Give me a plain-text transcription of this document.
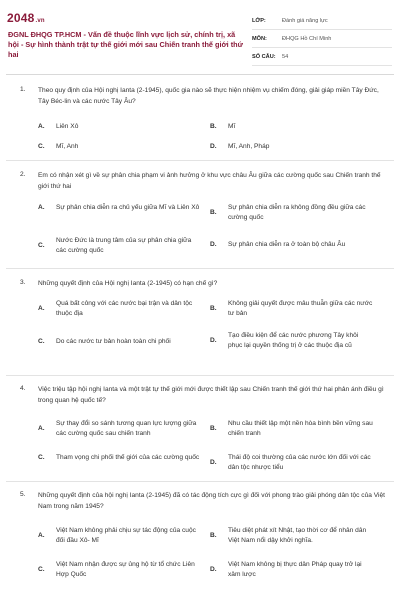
2048.vn
ĐGNL ĐHQG TP.HCM - Vấn đề thuộc lĩnh vực lịch sử, chính trị, xã hội - Sự hình thành trật tự thế giới mới sau Chiến tranh thế giới thứ hai
LỚP:	Đánh giá năng lực
MÔN:	ĐHQG Hồ Chí Minh
SỐ CÂU:	54
1. Theo quy định của Hội nghị Ianta (2-1945), quốc gia nào sẽ thực hiện nhiệm vụ chiếm đóng, giải giáp miền Tây Đức, Tây Béc-lin và các nước Tây Âu?
A.	Liên Xô	B.	Mĩ
C.	Mĩ, Anh	D.	Mĩ, Anh, Pháp
2. Em có nhận xét gì về sự phân chia phạm vi ảnh hưởng ở khu vực châu Âu giữa các cường quốc sau Chiến tranh thế giới thứ hai
A.	Sự phân chia diễn ra chủ yếu giữa Mĩ và Liên Xô
B.
Sự phân chia diễn ra không đồng đều giữa các cường quốc
C.
Nước Đức là trung tâm của sự phân chia giữa các cường quốc
D.	Sự phân chia diễn ra ở toàn bộ châu Âu
3. Những quyết định của Hội nghị Ianta (2-1945) có hạn chế gì?
A.
Quá bất công với các nước bại trận và dân tộc thuộc địa
B.
Không giải quyết được mâu thuẫn giữa các nước tư bản
C.	Do các nước tư bản hoàn toàn chi phối	D.
Tạo điều kiện để các nước phương Tây khôi phục lại quyền thống trị ở các thuộc địa cũ
4. Việc triệu tập hội nghị Ianta và một trật tự thế giới mới được thiết lập sau Chiến tranh thế giới thứ hai phản ánh điều gì trong quan hệ quốc tế?
A.
Sự thay đổi so sánh tương quan lực lượng giữa các cường quốc sau chiến tranh
B.
Nhu cầu thiết lập một nền hòa bình bền vững sau chiến tranh
C.	Tham vọng chi phối thế giới của các cường quốc
D.
Thái độ coi thường của các nước lớn đối với các dân tộc nhược tiểu
5. Những quyết định của hội nghị Ianta (2-1945) đã có tác động tích cực gì đối với phong trào giải phóng dân tộc của Việt Nam trong năm 1945?
A.
Việt Nam không phải chịu sự tác động của cuộc đối đầu Xô- Mĩ
B.
Tiêu diệt phát xít Nhật, tạo thời cơ để nhân dân Việt Nam nổi dậy khởi nghĩa.
C.
Việt Nam nhận được sự ủng hộ từ tổ chức Liên Hợp Quốc
D.
Việt Nam không bị thực dân Pháp quay trở lại xâm lược
